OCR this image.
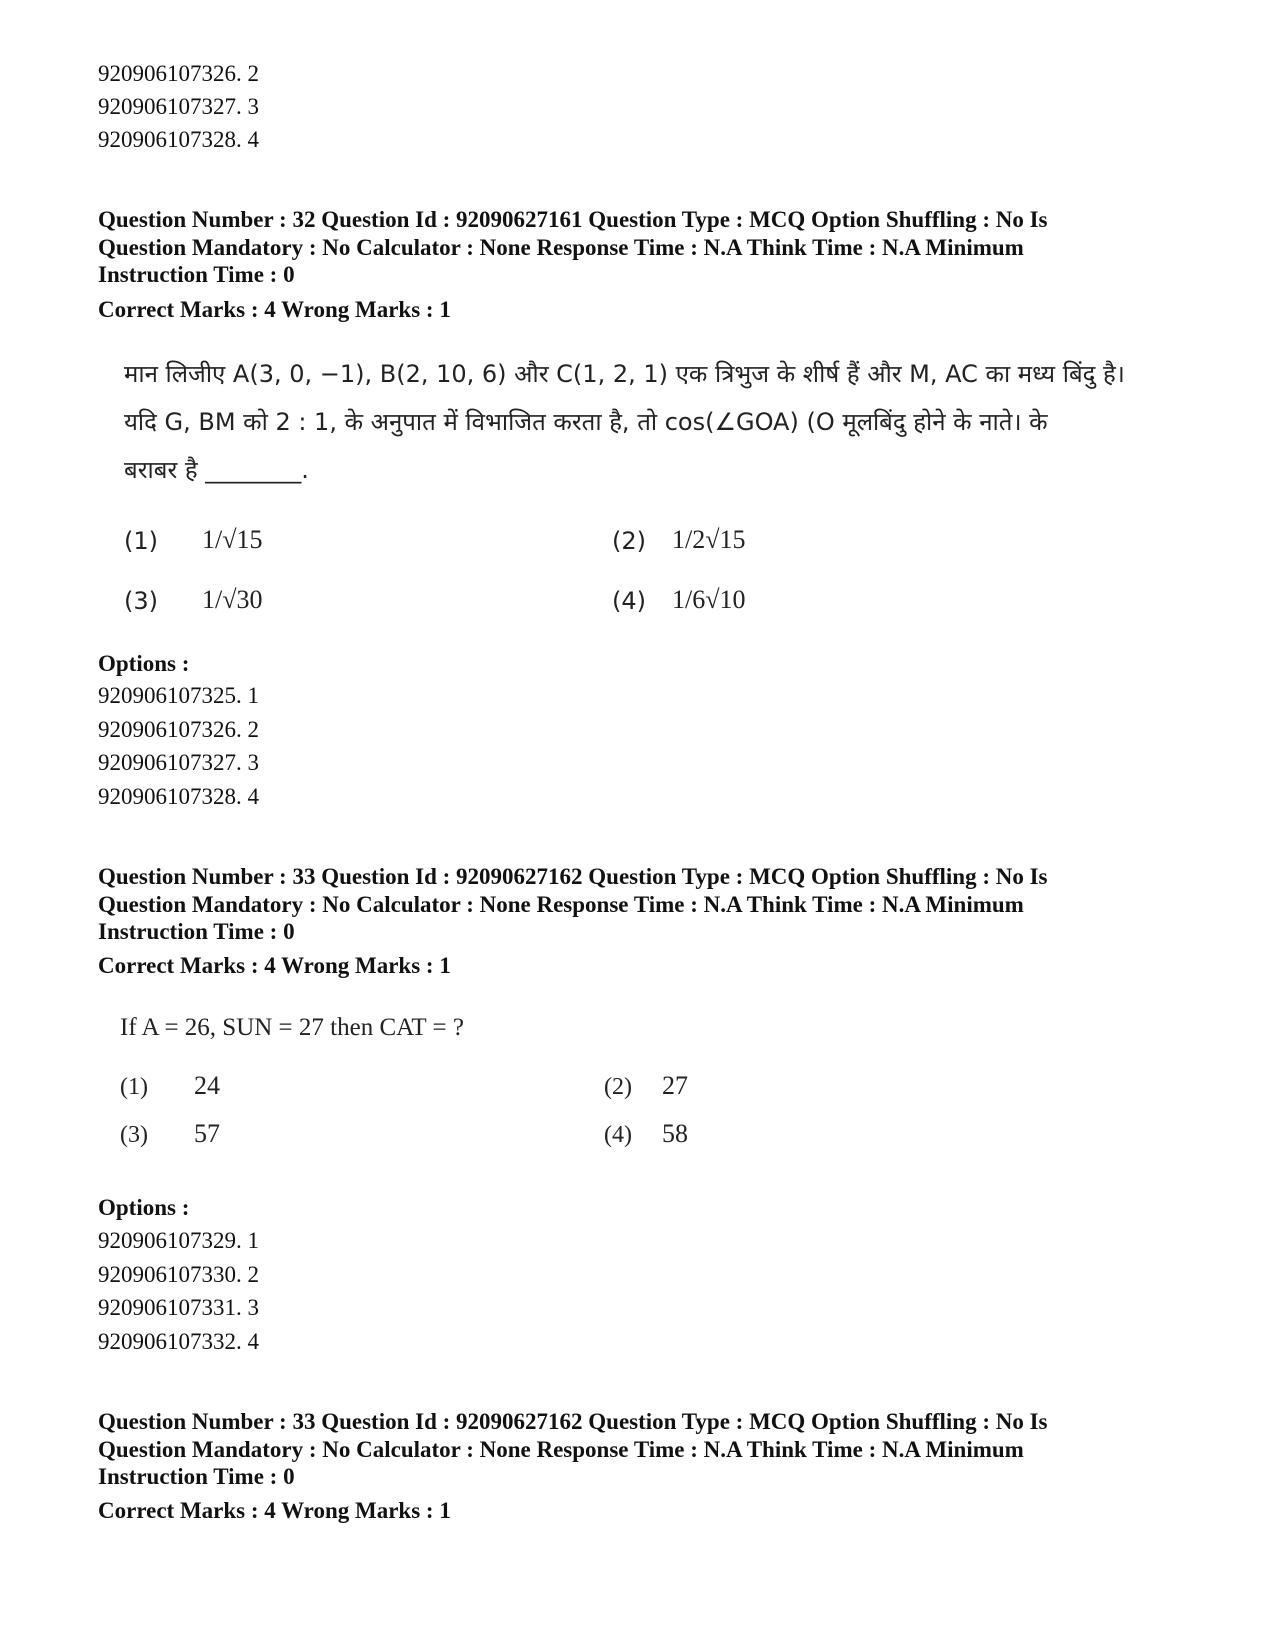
920906107326. 2
920906107327. 3
920906107328. 4
Question Number : 32 Question Id : 92090627161 Question Type : MCQ Option Shuffling : No Is
Question Mandatory : No Calculator : None Response Time : N.A Think Time : N.A Minimum
Instruction Time : 0
Correct Marks : 4 Wrong Marks : 1
मान लिजीए A(3, 0, −1), B(2, 10, 6) और C(1, 2, 1) एक त्रिभुज के शीर्ष हैं और M, AC का मध्य बिंदु है।
यदि G, BM को 2 : 1, के अनुपात में विभाजित करता है, तो cos(∠GOA) (O मूलबिंदु होने के नाते। के
बराबर है ________.
(1) 1/√15	(2) 1/2√15
(3) 1/√30	(4) 1/6√10
Options :
920906107325. 1
920906107326. 2
920906107327. 3
920906107328. 4
Question Number : 33 Question Id : 92090627162 Question Type : MCQ Option Shuffling : No Is
Question Mandatory : No Calculator : None Response Time : N.A Think Time : N.A Minimum
Instruction Time : 0
Correct Marks : 4 Wrong Marks : 1
If A = 26, SUN = 27 then CAT = ?
(1) 24	(2) 27
(3) 57	(4) 58
Options :
920906107329. 1
920906107330. 2
920906107331. 3
920906107332. 4
Question Number : 33 Question Id : 92090627162 Question Type : MCQ Option Shuffling : No Is
Question Mandatory : No Calculator : None Response Time : N.A Think Time : N.A Minimum
Instruction Time : 0
Correct Marks : 4 Wrong Marks : 1
